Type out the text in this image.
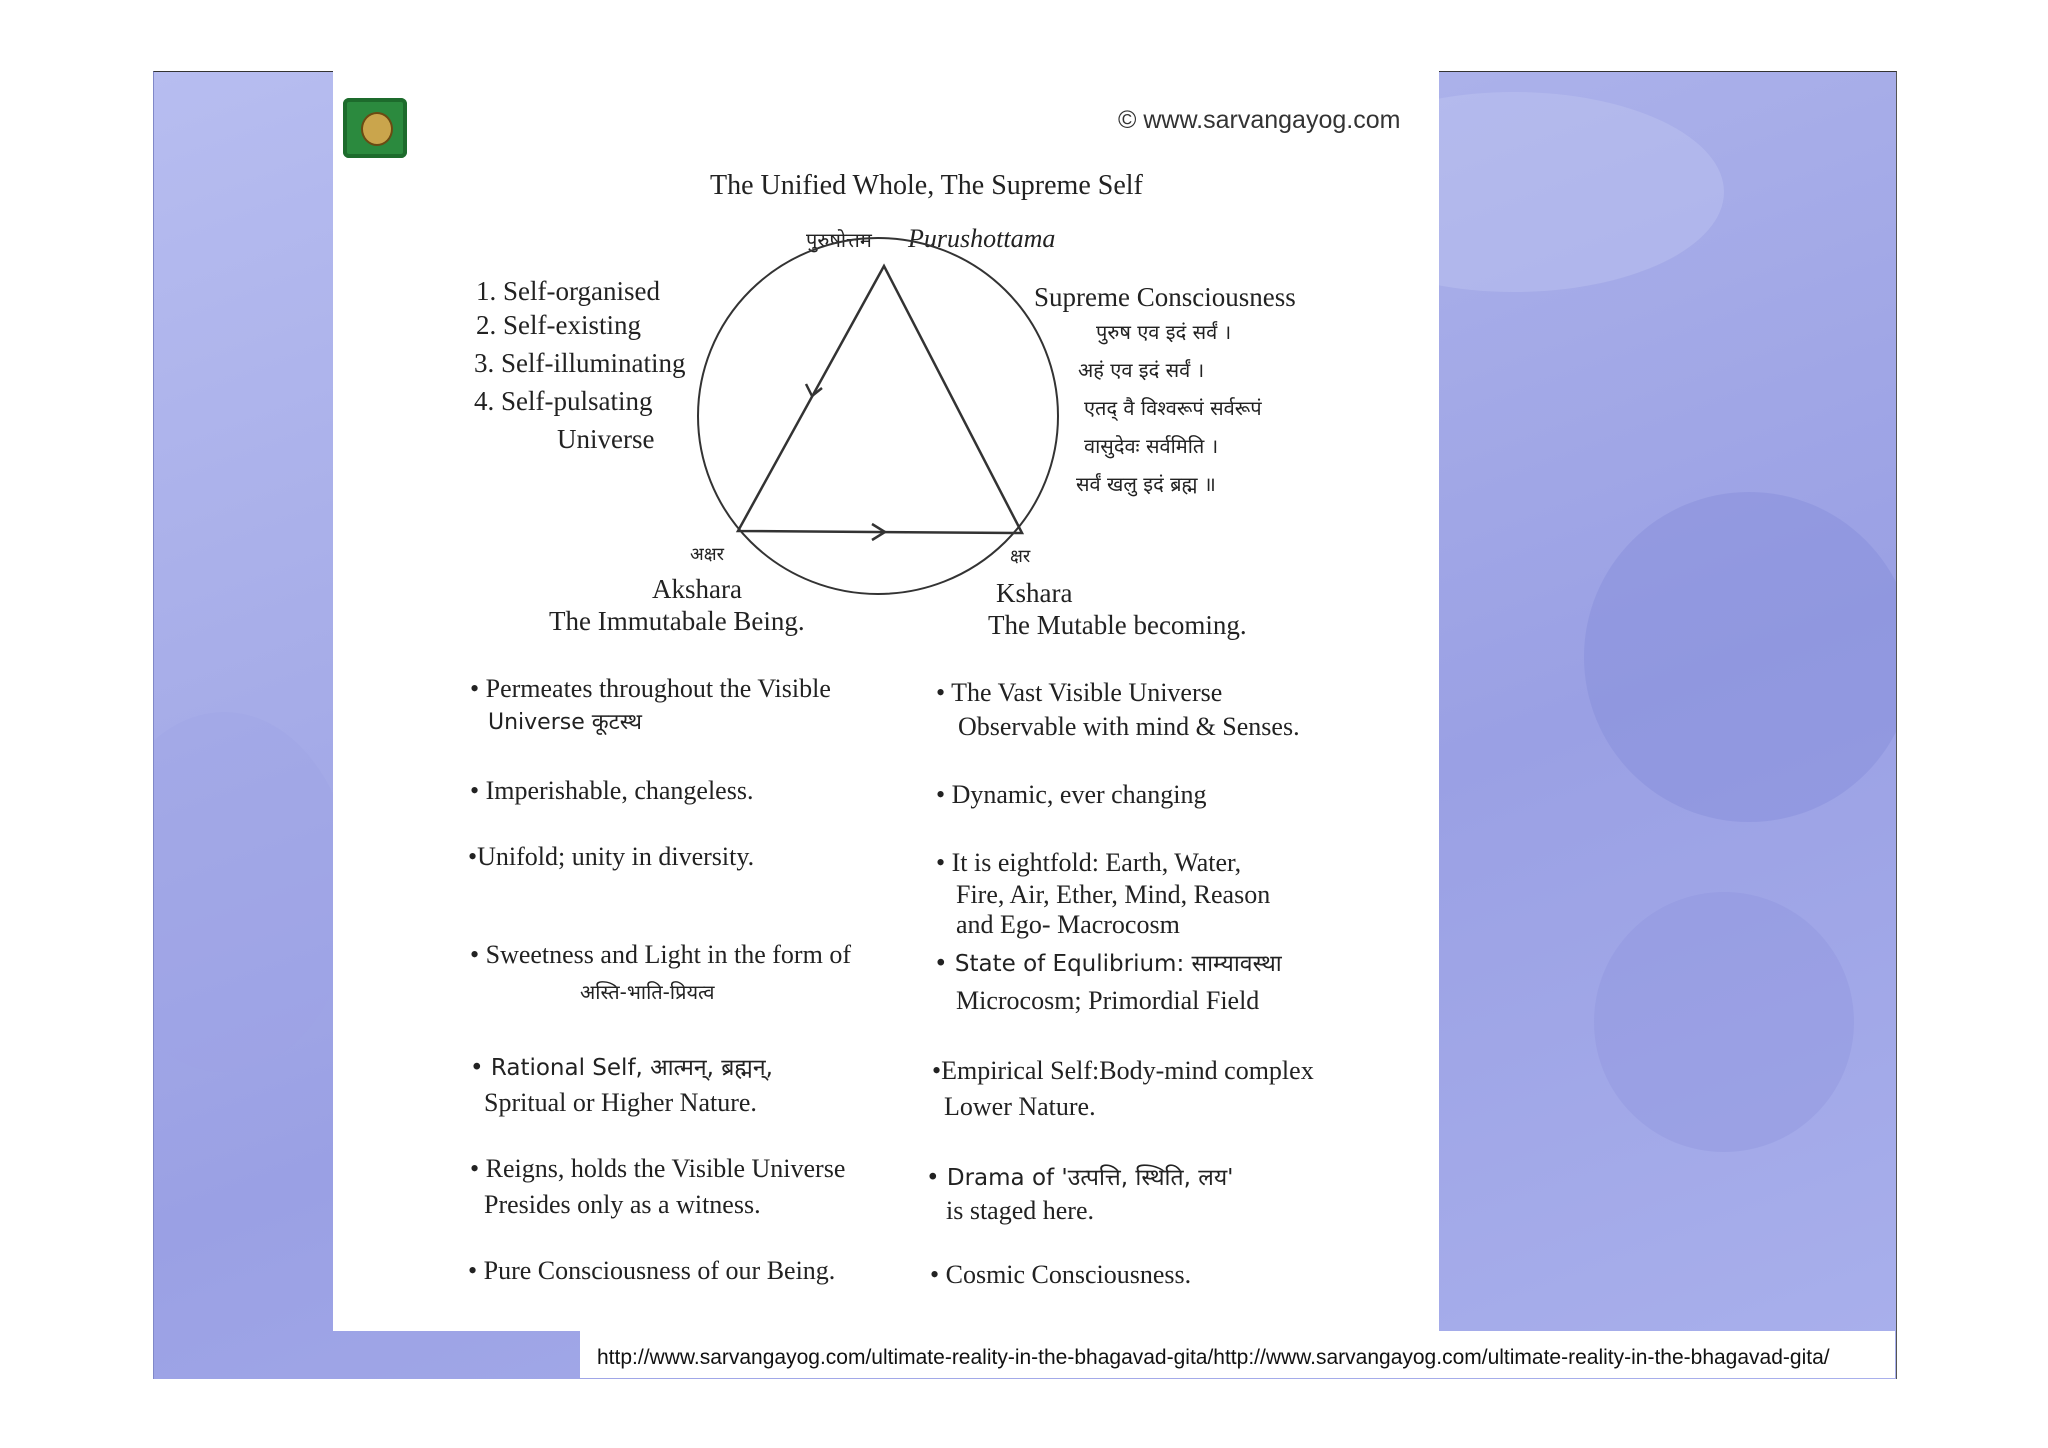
© www.sarvangayog.com
The Unified Whole, The Supreme Self
पुरुषोत्तम Purushottama
1. Self-organised
2. Self-existing
3. Self-illuminating
4. Self-pulsating
Universe
Supreme Consciousness
पुरुष एव इदं सर्वं ।
अहं एव इदं सर्वं ।
एतद् वै विश्वरूपं सर्वरूपं
वासुदेवः सर्वमिति ।
सर्वं खलु इदं ब्रह्म ॥
अक्षर
Akshara
The Immutabale Being.
क्षर
Kshara
The Mutable becoming.
• Permeates throughout the Visible
Universe कूटस्थ
• Imperishable, changeless.
•Unifold; unity in diversity.
• Sweetness and Light in the form of
अस्ति-भाति-प्रियत्व
• Rational Self, आत्मन्, ब्रह्मन्,
Spritual or Higher Nature.
• Reigns, holds the Visible Universe
Presides only as a witness.
• Pure Consciousness of our Being.
• The Vast Visible Universe
Observable with mind & Senses.
• Dynamic, ever changing
• It is eightfold: Earth, Water,
Fire, Air, Ether, Mind, Reason
and Ego- Macrocosm
• State of Equlibrium: साम्यावस्था
Microcosm; Primordial Field
•Empirical Self:Body-mind complex
Lower Nature.
• Drama of 'उत्पत्ति, स्थिति, लय'
is staged here.
• Cosmic Consciousness.
http://www.sarvangayog.com/ultimate-reality-in-the-bhagavad-gita/http://www.sarvangayog.com/ultimate-reality-in-the-bhagavad-gita/
